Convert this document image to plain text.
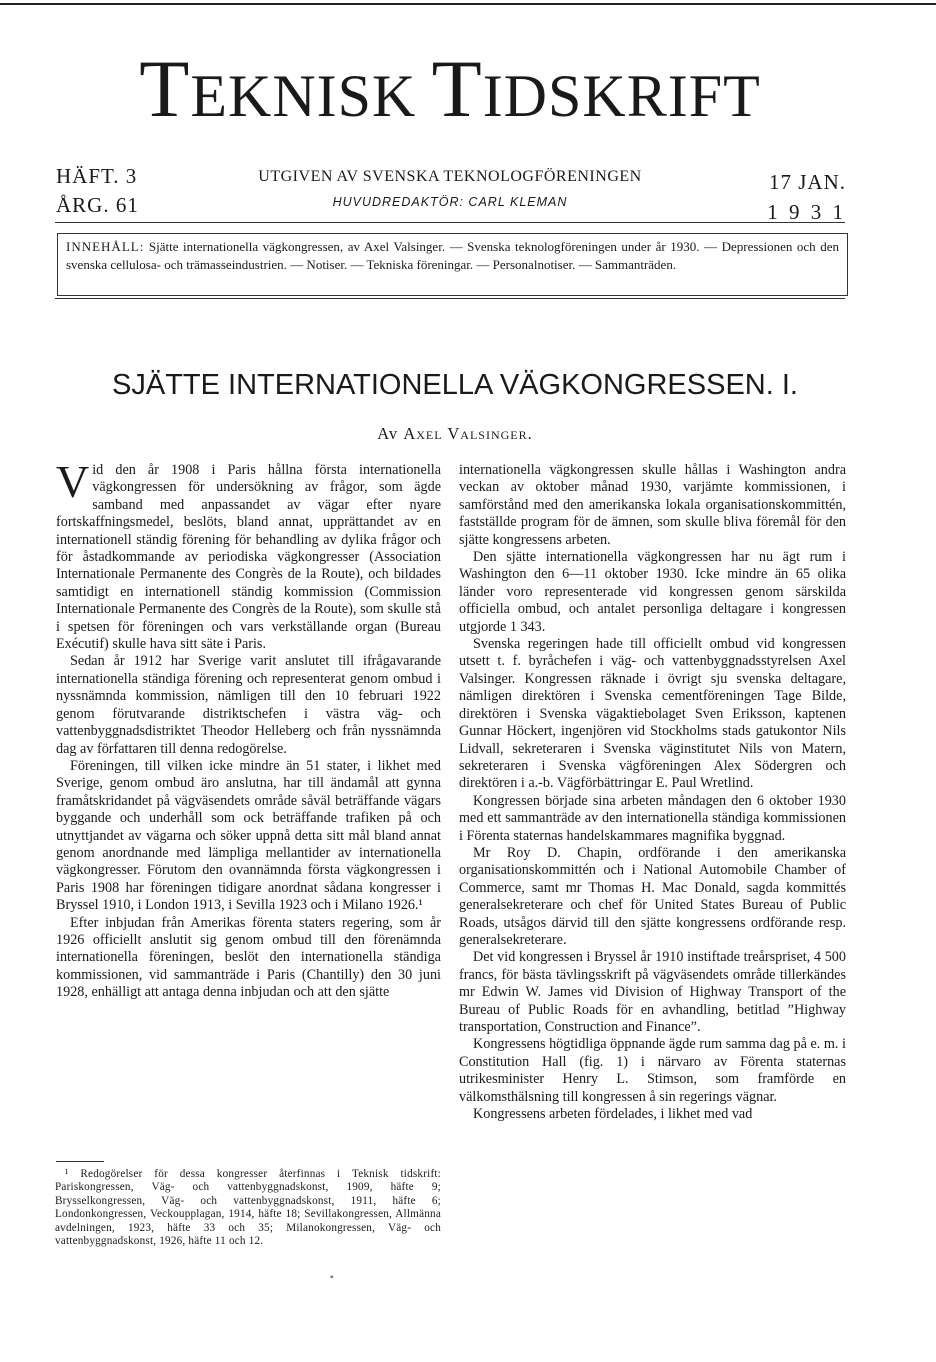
TEKNISK TIDSKRIFT
HÄFT. 3
ÅRG. 61
17 JAN.
1 9 3 1
UTGIVEN AV SVENSKA TEKNOLOGFÖRENINGEN
HUVUDREDAKTÖR: CARL KLEMAN
INNEHÅLL: Sjätte internationella vägkongressen, av Axel Valsinger. — Svenska teknologföreningen under år 1930. — Depressionen och den svenska cellulosa- och trämasseindustrien. — Notiser. — Tekniska föreningar. — Personalnotiser. — Sammanträden.
SJÄTTE INTERNATIONELLA VÄGKONGRESSEN. I.
Av Axel Valsinger.

Vid den år 1908 i Paris hållna första internationella vägkongressen för undersökning av frågor, som ägde samband med anpassandet av vägar efter nyare fortskaffningsmedel, beslöts, bland annat, upprättandet av en internationell ständig förening för behandling av dylika frågor och för åstadkommande av periodiska vägkongresser (Association Internationale Permanente des Congrès de la Route), och bildades samtidigt en internationell ständig kommission (Commission Internationale Permanente des Congrès de la Route), som skulle stå i spetsen för föreningen och vars verkställande organ (Bureau Exécutif) skulle hava sitt säte i Paris.

Sedan år 1912 har Sverige varit anslutet till ifrågavarande internationella ständiga förening och representerat genom ombud i nyssnämnda kommission, nämligen till den 10 februari 1922 genom förutvarande distriktschefen i västra väg- och vattenbyggnadsdistriktet Theodor Helleberg och från nyssnämnda dag av författaren till denna redogörelse.

Föreningen, till vilken icke mindre än 51 stater, i likhet med Sverige, genom ombud äro anslutna, har till ändamål att gynna framåtskridandet på vägväsendets område såväl beträffande vägars byggande och underhåll som ock beträffande trafiken på och utnyttjandet av vägarna och söker uppnå detta sitt mål bland annat genom anordnande med lämpliga mellantider av internationella vägkongresser. Förutom den ovannämnda första vägkongressen i Paris 1908 har föreningen tidigare anordnat sådana kongresser i Bryssel 1910, i London 1913, i Sevilla 1923 och i Milano 1926.¹

Efter inbjudan från Amerikas förenta staters regering, som år 1926 officiellt anslutit sig genom ombud till den förenämnda internationella föreningen, beslöt den internationella ständiga kommissionen, vid sammanträde i Paris (Chantilly) den 30 juni 1928, enhälligt att antaga denna inbjudan och att den sjätte

internationella vägkongressen skulle hållas i Washington andra veckan av oktober månad 1930, varjämte kommissionen, i samförstånd med den amerikanska lokala organisationskommittén, fastställde program för de ämnen, som skulle bliva föremål för den sjätte kongressens arbeten.

Den sjätte internationella vägkongressen har nu ägt rum i Washington den 6—11 oktober 1930. Icke mindre än 65 olika länder voro representerade vid kongressen genom särskilda officiella ombud, och antalet personliga deltagare i kongressen utgjorde 1 343.

Svenska regeringen hade till officiellt ombud vid kongressen utsett t. f. byråchefen i väg- och vattenbyggnadsstyrelsen Axel Valsinger. Kongressen räknade i övrigt sju svenska deltagare, nämligen direktören i Svenska cementföreningen Tage Bilde, direktören i Svenska vägaktiebolaget Sven Eriksson, kaptenen Gunnar Höckert, ingenjören vid Stockholms stads gatukontor Nils Lidvall, sekreteraren i Svenska väginstitutet Nils von Matern, sekreteraren i Svenska vägföreningen Alex Södergren och direktören i a.-b. Vägförbättringar E. Paul Wretlind.

Kongressen började sina arbeten måndagen den 6 oktober 1930 med ett sammanträde av den internationella ständiga kommissionen i Förenta staternas handelskammares magnifika byggnad.

Mr Roy D. Chapin, ordförande i den amerikanska organisationskommittén och i National Automobile Chamber of Commerce, samt mr Thomas H. Mac Donald, sagda kommittés generalsekreterare och chef för United States Bureau of Public Roads, utsågos därvid till den sjätte kongressens ordförande resp. generalsekreterare.

Det vid kongressen i Bryssel år 1910 instiftade treårspriset, 4 500 francs, för bästa tävlingsskrift på vägväsendets område tillerkändes mr Edwin W. James vid Division of Highway Transport of the Bureau of Public Roads för en avhandling, betitlad ”Highway transportation, Construction and Finance”.

Kongressens högtidliga öppnande ägde rum samma dag på e. m. i Constitution Hall (fig. 1) i närvaro av Förenta staternas utrikesminister Henry L. Stimson, som framförde en välkomsthälsning till kongressen å sin regerings vägnar.

Kongressens arbeten fördelades, i likhet med vad

¹ Redogörelser för dessa kongresser återfinnas i Teknisk tidskrift: Pariskongressen, Väg- och vattenbyggnadskonst, 1909, häfte 9; Brysselkongressen, Väg- och vattenbyggnadskonst, 1911, häfte 6; Londonkongressen, Veckoupplagan, 1914, häfte 18; Sevillakongressen, Allmänna avdelningen, 1923, häfte 33 och 35; Milanokongressen, Väg- och vattenbyggnadskonst, 1926, häfte 11 och 12.

▪
